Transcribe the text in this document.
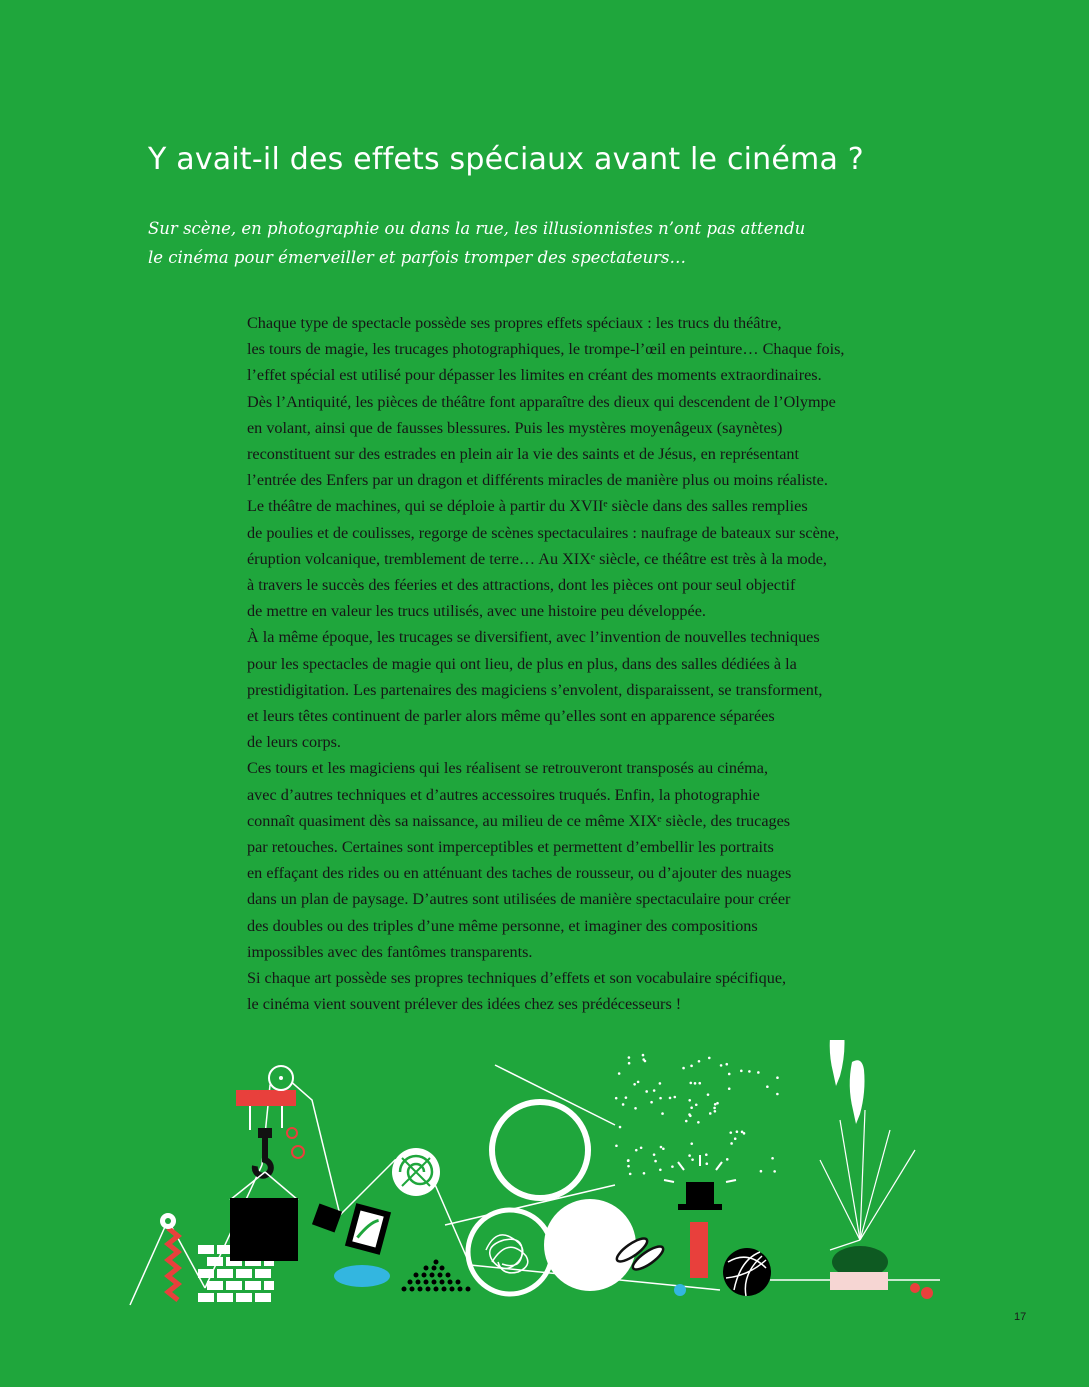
Y avait-il des effets spéciaux avant le cinéma ?
Sur scène, en photographie ou dans la rue, les illusionnistes n’ont pas attendu
le cinéma pour émerveiller et parfois tromper des spectateurs…
Chaque type de spectacle possède ses propres effets spéciaux : les trucs du théâtre,
les tours de magie, les trucages photographiques, le trompe-l’œil en peinture… Chaque fois,
l’effet spécial est utilisé pour dépasser les limites en créant des moments extraordinaires.
Dès l’Antiquité, les pièces de théâtre font apparaître des dieux qui descendent de l’Olympe
en volant, ainsi que de fausses blessures. Puis les mystères moyenâgeux (saynètes)
reconstituent sur des estrades en plein air la vie des saints et de Jésus, en représentant
l’entrée des Enfers par un dragon et différents miracles de manière plus ou moins réaliste.
Le théâtre de machines, qui se déploie à partir du XVIIᵉ siècle dans des salles remplies
de poulies et de coulisses, regorge de scènes spectaculaires : naufrage de bateaux sur scène,
éruption volcanique, tremblement de terre… Au XIXᵉ siècle, ce théâtre est très à la mode,
à travers le succès des féeries et des attractions, dont les pièces ont pour seul objectif
de mettre en valeur les trucs utilisés, avec une histoire peu développée.
À la même époque, les trucages se diversifient, avec l’invention de nouvelles techniques
pour les spectacles de magie qui ont lieu, de plus en plus, dans des salles dédiées à la
prestidigitation. Les partenaires des magiciens s’envolent, disparaissent, se transforment,
et leurs têtes continuent de parler alors même qu’elles sont en apparence séparées
de leurs corps.
Ces tours et les magiciens qui les réalisent se retrouveront transposés au cinéma,
avec d’autres techniques et d’autres accessoires truqués. Enfin, la photographie
connaît quasiment dès sa naissance, au milieu de ce même XIXᵉ siècle, des trucages
par retouches. Certaines sont imperceptibles et permettent d’embellir les portraits
en effaçant des rides ou en atténuant des taches de rousseur, ou d’ajouter des nuages
dans un plan de paysage. D’autres sont utilisées de manière spectaculaire pour créer
des doubles ou des triples d’une même personne, et imaginer des compositions
impossibles avec des fantômes transparents.
Si chaque art possède ses propres techniques d’effets et son vocabulaire spécifique,
le cinéma vient souvent prélever des idées chez ses prédécesseurs !
17
